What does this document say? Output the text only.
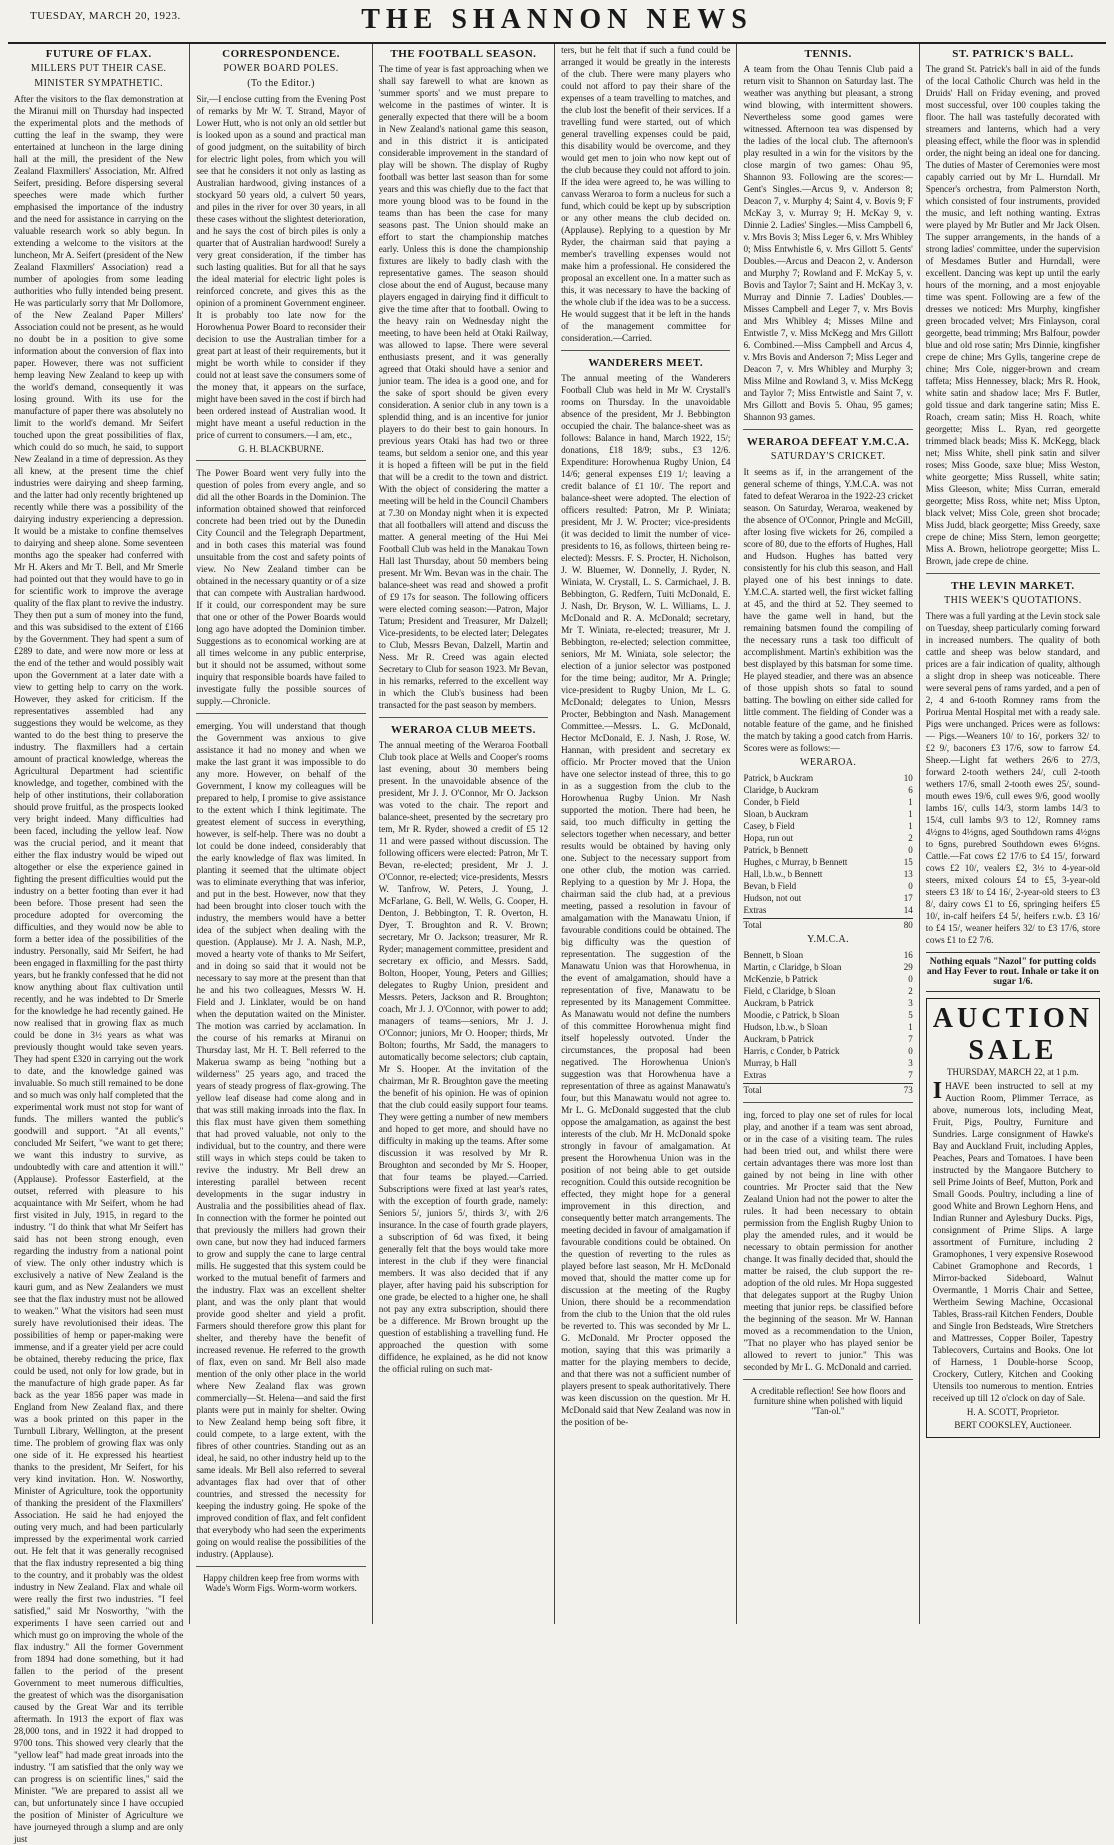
TUESDAY, MARCH 20, 1923.	THE SHANNON NEWS
FUTURE OF FLAX.
MILLERS PUT THEIR CASE.
MINISTER SYMPATHETIC.
After the visitors to the flax demonstration at the Miranui mill on Thursday had inspected the experimental plots and the methods of cutting the leaf in the swamp, they were entertained at luncheon in the large dining hall at the mill, the president of the New Zealand Flaxmillers' Association, Mr. Alfred Seifert, presiding. Before dispersing several speeches were made which further emphasised the importance of the industry and the need for assistance in carrying on the valuable research work so ably begun. In extending a welcome to the visitors at the luncheon, Mr A. Seifert (president of the New Zealand Flaxmillers' Association) read a number of apologies from some leading authorities who fully intended being present. He was particularly sorry that Mr Dollomore, of the New Zealand Paper Millers' Association could not be present, as he would no doubt be in a position to give some information about the conversion of flax into paper. However, there was not sufficient hemp leaving New Zealand to keep up with the world's demand, consequently it was losing ground. With its use for the manufacture of paper there was absolutely no limit to the world's demand. Mr Seifert touched upon the great possibilities of flax, which could do so much, he said, to support New Zealand in a time of depression. As they all knew, at the present time the chief industries were dairying and sheep farming, and the latter had only recently brightened up recently while there was a possibility of the dairying industry experiencing a depression. It would be a mistake to confine themselves to dairying and sheep alone. Some seventeen months ago the speaker had conferred with Mr H. Akers and Mr T. Bell, and Mr Smerle had pointed out that they would have to go in for scientific work to improve the average quality of the flax plant to revive the industry. They then put a sum of money into the fund, and this was subsidised to the extent of £166 by the Government. They had spent a sum of £289 to date, and were now more or less at the end of the tether and would possibly wait upon the Government at a later date with a view to getting help to carry on the work. However, they asked for criticism. If the representatives assembled had any suggestions they would be welcome, as they wanted to do the best thing to preserve the industry. The flaxmillers had a certain amount of practical knowledge, whereas the Agricultural Department had scientific knowledge, and together, combined with the help of other institutions, their collaboration should prove fruitful, as the prospects looked very bright indeed. Many difficulties had been faced, including the yellow leaf. Now was the crucial period, and it meant that either the flax industry would be wiped out altogether or else the experience gained in fighting the present difficulties would put the industry on a better footing than ever it had been before. Those present had seen the procedure adopted for overcoming the difficulties, and they would now be able to form a better idea of the possibilities of the industry. Personally, said Mr Seifert, he had been engaged in flaxmilling for the past thirty years, but he frankly confessed that he did not know anything about flax cultivation until recently, and he was indebted to Dr Smerle for the knowledge he had recently gained. He now realised that in growing flax as much could be done in 3½ years as what was previously thought would take seven years. They had spent £320 in carrying out the work to date, and the knowledge gained was invaluable. So much still remained to be done and so much was only half completed that the experimental work must not stop for want of funds. The millers wanted the public's goodwill and support. "At all events," concluded Mr Seifert, "we want to get there; we want this industry to survive, as undoubtedly with care and attention it will." (Applause). Professor Easterfield, at the outset, referred with pleasure to his acquaintance with Mr Seifert, whom he had first visited in July, 1915, in regard to the industry. "I do think that what Mr Seifert has said has not been strong enough, even regarding the industry from a national point of view. The only other industry which is exclusively a native of New Zealand is the kauri gum, and as New Zealanders we must see that the flax industry must not be allowed to weaken." What the visitors had seen must surely have revolutionised their ideas. The possibilities of hemp or paper-making were immense, and if a greater yield per acre could be obtained, thereby reducing the price, flax could be used, not only for low grade, but in the manufacture of high grade paper. As far back as the year 1856 paper was made in England from New Zealand flax, and there was a book printed on this paper in the Turnbull Library, Wellington, at the present time. The problem of growing flax was only one side of it. He expressed his heartiest thanks to the president, Mr Seifert, for his very kind invitation. Hon. W. Nosworthy, Minister of Agriculture, took the opportunity of thanking the president of the Flaxmillers' Association. He said he had enjoyed the outing very much, and had been particularly impressed by the experimental work carried out. He felt that it was generally recognised that the flax industry represented a big thing to the country, and it probably was the oldest industry in New Zealand. Flax and whale oil were really the first two industries. "I feel satisfied," said Mr Nosworthy, "with the experiments I have seen carried out and which must go on improving the whole of the flax industry." All the former Government from 1894 had done something, but it had fallen to the period of the present Government to meet numerous difficulties, the greatest of which was the disorganisation caused by the Great War and its terrible aftermath. In 1913 the export of flax was 28,000 tons, and in 1922 it had dropped to 9700 tons. This showed very clearly that the "yellow leaf" had made great inroads into the industry. "I am satisfied that the only way we can progress is on scientific lines," said the Minister. "We are prepared to assist all we can, but unfortunately since I have occupied the position of Minister of Agriculture we have journeyed through a slump and are only just
CORRESPONDENCE.
POWER BOARD POLES.
(To the Editor.)
Sir,—I enclose cutting from the Evening Post of remarks by Mr W. T. Strand, Mayor of Lower Hutt, who is not only an old settler but is looked upon as a sound and practical man of good judgment, on the suitability of birch for electric light poles, from which you will see that he considers it not only as lasting as Australian hardwood, giving instances of a stockyard 50 years old, a culvert 50 years, and piles in the river for over 30 years, in all these cases without the slightest deterioration, and he says the cost of birch piles is only a quarter that of Australian hardwood! Surely a very great consideration, if the timber has such lasting qualities. But for all that he says the ideal material for electric light poles is reinforced concrete, and gives this as the opinion of a prominent Government engineer. It is probably too late now for the Horowhenua Power Board to reconsider their decision to use the Australian timber for a great part at least of their requirements, but it might be worth while to consider if they could not at least save the consumers some of the money that, it appears on the surface, might have been saved in the cost if birch had been ordered instead of Australian wood. It might have meant a useful reduction in the price of current to consumers.—I am, etc.,
G. H. BLACKBURNE.
The Power Board went very fully into the question of poles from every angle, and so did all the other Boards in the Dominion. The information obtained showed that reinforced concrete had been tried out by the Dunedin City Council and the Telegraph Department, and in both cases this material was found unsuitable from the cost and safety points of view. No New Zealand timber can be obtained in the necessary quantity or of a size that can compete with Australian hardwood. If it could, our correspondent may be sure that one or other of the Power Boards would long ago have adopted the Dominion timber. Suggestions as to economical working are at all times welcome in any public enterprise, but it should not be assumed, without some inquiry that responsible boards have failed to investigate fully the possible sources of supply.—Chronicle.
emerging. You will understand that though the Government was anxious to give assistance it had no money and when we make the last grant it was impossible to do any more. However, on behalf of the Government, I know my colleagues will be prepared to help, I promise to give assistance to the extent which I think legitimate. The greatest element of success in everything, however, is self-help. There was no doubt a lot could be done indeed, considerably that the early knowledge of flax was limited. In planting it seemed that the ultimate object was to eliminate everything that was inferior, and put in the best. However, now that they had been brought into closer touch with the industry, the members would have a better idea of the subject when dealing with the question. (Applause). Mr J. A. Nash, M.P., moved a hearty vote of thanks to Mr Seifert, and in doing so said that it would not be necessary to say more at the present than that he and his two colleagues, Messrs W. H. Field and J. Linklater, would be on hand when the deputation waited on the Minister. The motion was carried by acclamation. In the course of his remarks at Miranui on Thursday last, Mr H. T. Bell referred to the Makerua swamp as being "nothing but a wilderness" 25 years ago, and traced the years of steady progress of flax-growing. The yellow leaf disease had come along and in that was still making inroads into the flax. In this flax must have given them something that had proved valuable, not only to the individual, but to the country, and there were still ways in which steps could be taken to revive the industry. Mr Bell drew an interesting parallel between recent developments in the sugar industry in Australia and the possibilities ahead of flax. In connection with the former he pointed out that previously the millers had grown their own cane, but now they had induced farmers to grow and supply the cane to large central mills. He suggested that this system could be worked to the mutual benefit of farmers and the industry. Flax was an excellent shelter plant, and was the only plant that would provide good shelter and yield a profit. Farmers should therefore grow this plant for shelter, and thereby have the benefit of increased revenue. He referred to the growth of flax, even on sand. Mr Bell also made mention of the only other place in the world where New Zealand flax was grown commercially—St. Helena—and said the first plants were put in mainly for shelter. Owing to New Zealand hemp being soft fibre, it could compete, to a large extent, with the fibres of other countries. Standing out as an ideal, he said, no other industry held up to the same ideals. Mr Bell also referred to several advantages flax had over that of other countries, and stressed the necessity for keeping the industry going. He spoke of the improved condition of flax, and felt confident that everybody who had seen the experiments going on would realise the possibilities of the industry. (Applause).
Happy children keep free from worms with Wade's Worm Figs. Worm-worm workers.
THE FOOTBALL SEASON.
The time of year is fast approaching when we shall say farewell to what are known as 'summer sports' and we must prepare to welcome in the pastimes of winter. It is generally expected that there will be a boom in New Zealand's national game this season, and in this district it is anticipated considerable improvement in the standard of play will be shown. The display of Rugby football was better last season than for some years and this was chiefly due to the fact that more young blood was to be found in the teams than has been the case for many seasons past. The Union should make an effort to start the championship matches early. Unless this is done the championship fixtures are likely to badly clash with the representative games. The season should close about the end of August, because many players engaged in dairying find it difficult to give the time after that to football. Owing to the heavy rain on Wednesday night the meeting, to have been held at Otaki Railway, was allowed to lapse. There were several enthusiasts present, and it was generally agreed that Otaki should have a senior and junior team. The idea is a good one, and for the sake of sport should be given every consideration. A senior club in any town is a splendid thing, and is an incentive for junior players to do their best to gain honours. In previous years Otaki has had two or three teams, but seldom a senior one, and this year it is hoped a fifteen will be put in the field that will be a credit to the town and district. With the object of considering the matter a meeting will be held in the Council Chambers at 7.30 on Monday night when it is expected that all footballers will attend and discuss the matter. A general meeting of the Hui Mei Football Club was held in the Manakau Town Hall last Thursday, about 50 members being present. Mr Wm. Bevan was in the chair. The balance-sheet was read and showed a profit of £9 17s for season. The following officers were elected coming season:—Patron, Major Tatum; President and Treasurer, Mr Dalzell; Vice-presidents, to be elected later; Delegates to Club, Messrs Bevan, Dalzell, Martin and Ness. Mr R. Creed was again elected Secretary to Club for season 1923. Mr Bevan, in his remarks, referred to the excellent way in which the Club's business had been transacted for the past season by members.
WERAROA CLUB MEETS.
The annual meeting of the Weraroa Football Club took place at Wells and Cooper's rooms last evening, about 30 members being present. In the unavoidable absence of the president, Mr J. J. O'Connor, Mr O. Jackson was voted to the chair. The report and balance-sheet, presented by the secretary pro tem, Mr R. Ryder, showed a credit of £5 12 11 and were passed without discussion. The following officers were elected: Patron, Mr T. Bevan, re-elected; president, Mr J. J. O'Connor, re-elected; vice-presidents, Messrs W. Tanfrow, W. Peters, J. Young, J. McFarlane, G. Bell, W. Wells, G. Cooper, H. Denton, J. Bebbington, T. R. Overton, H. Dyer, T. Broughton and R. V. Brown; secretary, Mr O. Jackson; treasurer, Mr R. Ryder; management committee, president and secretary ex officio, and Messrs. Sadd, Bolton, Hooper, Young, Peters and Gillies; delegates to Rugby Union, president and Messrs. Peters, Jackson and R. Broughton; coach, Mr J. J. O'Connor, with power to add; managers of teams—seniors, Mr J. J. O'Connor; juniors, Mr O. Hooper; thirds, Mr Bolton; fourths, Mr Sadd, the managers to automatically become selectors; club captain, Mr S. Hooper. At the invitation of the chairman, Mr R. Broughton gave the meeting the benefit of his opinion. He was of opinion that the club could easily support four teams. They were getting a number of new members and hoped to get more, and should have no difficulty in making up the teams. After some discussion it was resolved by Mr R. Broughton and seconded by Mr S. Hooper, that four teams be played.—Carried. Subscriptions were fixed at last year's rates, with the exception of fourth grade, namely: Seniors 5/, juniors 5/, thirds 3/, with 2/6 insurance. In the case of fourth grade players, a subscription of 6d was fixed, it being generally felt that the boys would take more interest in the club if they were financial members. It was also decided that if any player, after having paid his subscription for one grade, be elected to a higher one, he shall not pay any extra subscription, should there be a difference. Mr Brown brought up the question of establishing a travelling fund. He approached the question with some diffidence, he explained, as he did not know the official ruling on such mat-
ters, but he felt that if such a fund could be arranged it would be greatly in the interests of the club. There were many players who could not afford to pay their share of the expenses of a team travelling to matches, and the club lost the benefit of their services. If a travelling fund were started, out of which general travelling expenses could be paid, this disability would be overcome, and they would get men to join who now kept out of the club because they could not afford to join. If the idea were agreed to, he was willing to canvass Weraroa to form a nucleus for such a fund, which could be kept up by subscription or any other means the club decided on. (Applause). Replying to a question by Mr Ryder, the chairman said that paying a member's travelling expenses would not make him a professional. He considered the proposal an excellent one. In a matter such as this, it was necessary to have the backing of the whole club if the idea was to be a success. He would suggest that it be left in the hands of the management committee for consideration.—Carried.
WANDERERS MEET.
The annual meeting of the Wanderers Football Club was held in Mr W. Crystall's rooms on Thursday. In the unavoidable absence of the president, Mr J. Bebbington occupied the chair. The balance-sheet was as follows: Balance in hand, March 1922, 15/; donations, £18 18/9; subs., £3 12/6. Expenditure: Horowhenua Rugby Union, £4 14/6; general expenses £19 1/; leaving a credit balance of £1 10/. The report and balance-sheet were adopted. The election of officers resulted: Patron, Mr P. Winiata; president, Mr J. W. Procter; vice-presidents (it was decided to limit the number of vice-presidents to 16, as follows, thirteen being re-elected): Messrs. F. S. Procter, H. Nicholson, J. W. Bluemer, W. Donnelly, J. Ryder, N. Winiata, W. Crystall, L. S. Carmichael, J. B. Bebbington, G. Redfern, Tuiti McDonald, E. J. Nash, Dr. Bryson, W. L. Williams, L. J. McDonald and R. A. McDonald; secretary, Mr T. Winiata, re-elected; treasurer, Mr J. Bebbington, re-elected; selection committee, seniors, Mr M. Winiata, sole selector; the election of a junior selector was postponed for the time being; auditor, Mr A. Pringle; vice-president to Rugby Union, Mr L. G. McDonald; delegates to Union, Messrs Procter, Bebbington and Nash. Management Committee.—Messrs. L. G. McDonald, Hector McDonald, E. J. Nash, J. Rose, W. Hannan, with president and secretary ex officio. Mr Procter moved that the Union have one selector instead of three, this to go in as a suggestion from the club to the Horowhenua Rugby Union. Mr Nash supported the motion. There had been, he said, too much difficulty in getting the selectors together when necessary, and better results would be obtained by having only one. Subject to the necessary support from one other club, the motion was carried. Replying to a question by Mr J. Hopa, the chairman said the club had, at a previous meeting, passed a resolution in favour of amalgamation with the Manawatu Union, if favourable conditions could be obtained. The big difficulty was the question of representation. The suggestion of the Manawatu Union was that Horowhenua, in the event of amalgamation, should have a representation of five, Manawatu to be represented by its Management Committee. As Manawatu would not define the numbers of this committee Horowhenua might find itself hopelessly outvoted. Under the circumstances, the proposal had been negatived. The Horowhenua Union's suggestion was that Horowhenua have a representation of three as against Manawatu's four, but this Manawatu would not agree to. Mr L. G. McDonald suggested that the club oppose the amalgamation, as against the best interests of the club. Mr H. McDonald spoke strongly in favour of amalgamation. At present the Horowhenua Union was in the position of not being able to get outside recognition. Could this outside recognition be effected, they might hope for a general improvement in this direction, and consequently better match arrangements. The meeting decided in favour of amalgamation if favourable conditions could be obtained. On the question of reverting to the rules as played before last season, Mr H. McDonald moved that, should the matter come up for discussion at the meeting of the Rugby Union, there should be a recommendation from the club to the Union that the old rules be reverted to. This was seconded by Mr L. G. McDonald. Mr Procter opposed the motion, saying that this was primarily a matter for the playing members to decide, and that there was not a sufficient number of players present to speak authoritatively. There was keen discussion on the question. Mr H. McDonald said that New Zealand was now in the position of be-
TENNIS.
A team from the Ohau Tennis Club paid a return visit to Shannon on Saturday last. The weather was anything but pleasant, a strong wind blowing, with intermittent showers. Nevertheless some good games were witnessed. Afternoon tea was dispensed by the ladies of the local club. The afternoon's play resulted in a win for the visitors by the close margin of two games: Ohau 95, Shannon 93. Following are the scores:— Gent's Singles.—Arcus 9, v. Anderson 8; Deacon 7, v. Murphy 4; Saint 4, v. Bovis 9; F McKay 3, v. Murray 9; H. McKay 9, v. Dinnie 2. Ladies' Singles.—Miss Campbell 6, v. Mrs Bovis 3; Miss Leger 6, v. Mrs Whibley 0; Miss Entwhistle 6, v. Mrs Gillott 5. Gents' Doubles.—Arcus and Deacon 2, v. Anderson and Murphy 7; Rowland and F. McKay 5, v. Bovis and Taylor 7; Saint and H. McKay 3, v. Murray and Dinnie 7. Ladies' Doubles.—Misses Campbell and Leger 7, v. Mrs Bovis and Mrs Whibley 4; Misses Milne and Entwistle 7, v. Miss McKegg and Mrs Gillott 6. Combined.—Miss Campbell and Arcus 4, v. Mrs Bovis and Anderson 7; Miss Leger and Deacon 7, v. Mrs Whibley and Murphy 3; Miss Milne and Rowland 3, v. Miss McKegg and Taylor 7; Miss Entwistle and Saint 7, v. Mrs Gillott and Bovis 5. Ohau, 95 games; Shannon 93 games.
WERAROA DEFEAT Y.M.C.A.
SATURDAY'S CRICKET.
It seems as if, in the arrangement of the general scheme of things, Y.M.C.A. was not fated to defeat Weraroa in the 1922-23 cricket season. On Saturday, Weraroa, weakened by the absence of O'Connor, Pringle and McGill, after losing five wickets for 26, compiled a score of 80, due to the efforts of Hughes, Hall and Hudson. Hughes has batted very consistently for his club this season, and Hall played one of his best innings to date. Y.M.C.A. started well, the first wicket falling at 45, and the third at 52. They seemed to have the game well in hand, but the remaining batsmen found the compiling of the necessary runs a task too difficult of accomplishment. Martin's exhibition was the best displayed by this batsman for some time. He played steadier, and there was an absence of those uppish shots so fatal to sound batting. The bowling on either side called for little comment. The fielding of Conder was a notable feature of the game, and he finished the match by taking a good catch from Harris. Scores were as follows:—
WERAROA.
Patrick, b Auckram	10
Claridge, b Auckram	6
Conder, b Field	1
Sloan, b Auckram	1
Casey, b Field	1
Hopa, run out	2
Patrick, b Bennett	0
Hughes, c Murray, b Bennett	15
Hall, l.b.w., b Bennett	13
Bevan, b Field	0
Hudson, not out	17
Extras	14
Total	80
Y.M.C.A.
Bennett, b Sloan	16
Martin, c Claridge, b Sloan	29
McKenzie, b Patrick	0
Field, c Claridge, b Sloan	2
Auckram, b Patrick	3
Moodie, c Patrick, b Sloan	5
Hudson, l.b.w., b Sloan	1
Auckram, b Patrick	7
Harris, c Conder, b Patrick	0
Murray, b Hall	3
Extras	7
Total	73
ing, forced to play one set of rules for local play, and another if a team was sent abroad, or in the case of a visiting team. The rules had been tried out, and whilst there were certain advantages there was more lost than gained by not being in line with other countries. Mr Procter said that the New Zealand Union had not the power to alter the rules. It had been necessary to obtain permission from the English Rugby Union to play the amended rules, and it would be necessary to obtain permission for another change. It was finally decided that, should the matter be raised, the club support the re-adoption of the old rules. Mr Hopa suggested that delegates support at the Rugby Union meeting that junior reps. be classified before the beginning of the season. Mr W. Hannan moved as a recommendation to the Union, "That no player who has played senior be allowed to revert to junior." This was seconded by Mr L. G. McDonald and carried.
A creditable reflection! See how floors and furniture shine when polished with liquid "Tan-ol."
ST. PATRICK'S BALL.
The grand St. Patrick's ball in aid of the funds of the local Catholic Church was held in the Druids' Hall on Friday evening, and proved most successful, over 100 couples taking the floor. The hall was tastefully decorated with streamers and lanterns, which had a very pleasing effect, while the floor was in splendid order, the night being an ideal one for dancing. The duties of Master of Ceremonies were most capably carried out by Mr L. Hurndall. Mr Spencer's orchestra, from Palmerston North, which consisted of four instruments, provided the music, and left nothing wanting. Extras were played by Mr Butler and Mr Jack Olsen. The supper arrangements, in the hands of a strong ladies' committee, under the supervision of Mesdames Butler and Hurndall, were excellent. Dancing was kept up until the early hours of the morning, and a most enjoyable time was spent. Following are a few of the dresses we noticed: Mrs Murphy, kingfisher green brocaded velvet; Mrs Finlayson, coral georgette, bead trimming; Mrs Balfour, powder blue and old rose satin; Mrs Dinnie, kingfisher crepe de chine; Mrs Gylls, tangerine crepe de chine; Mrs Cole, nigger-brown and cream taffeta; Miss Hennessey, black; Mrs R. Hook, white satin and shadow lace; Mrs F. Butler, gold tissue and dark tangerine satin; Miss E. Roach, cream satin; Miss H. Roach, white georgette; Miss L. Ryan, red georgette trimmed black beads; Miss K. McKegg, black net; Miss White, shell pink satin and silver roses; Miss Goode, saxe blue; Miss Weston, white georgette; Miss Russell, white satin; Miss Gleeson, white; Miss Curran, emerald georgette; Miss Ross, white net; Miss Upton, black velvet; Miss Cole, green shot brocade; Miss Judd, black georgette; Miss Greedy, saxe crepe de chine; Miss Stern, lemon georgette; Miss A. Brown, heliotrope georgette; Miss L. Brown, jade crepe de chine.
THE LEVIN MARKET.
THIS WEEK'S QUOTATIONS.
There was a full yarding at the Levin stock sale on Tuesday, sheep particularly coming forward in increased numbers. The quality of both cattle and sheep was below standard, and prices are a fair indication of quality, although a slight drop in sheep was noticeable. There were several pens of rams yarded, and a pen of 2, 4 and 6-tooth Romney rams from the Porirua Mental Hospital met with a ready sale. Pigs were unchanged. Prices were as follows:— Pigs.—Weaners 10/ to 16/, porkers 32/ to £2 9/, baconers £3 17/6, sow to farrow £4. Sheep.—Light fat wethers 26/6 to 27/3, forward 2-tooth wethers 24/, cull 2-tooth wethers 17/6, small 2-tooth ewes 25/, sound-mouth ewes 19/6, cull ewes 9/6, good woolly lambs 16/, culls 14/3, storm lambs 14/3 to 15/4, cull lambs 9/3 to 12/, Romney rams 4½gns to 4½gns, aged Southdown rams 4½gns to 6gns, purebred Southdown ewes 6½gns. Cattle.—Fat cows £2 17/6 to £4 15/, forward cows £2 10/, vealers £2, 3½ to 4-year-old steers, mixed colours £4 to £5, 3-year-old steers £3 18/ to £4 16/, 2-year-old steers to £3 8/, dairy cows £1 to £6, springing heifers £5 10/, in-calf heifers £4 5/, heifers r.w.b. £3 16/ to £4 15/, weaner heifers 32/ to £3 17/6, store cows £1 to £2 7/6.
Nothing equals "Nazol" for putting colds and Hay Fever to rout. Inhale or take it on sugar 1/6.
AUCTION SALE
THURSDAY, MARCH 22, at 1 p.m.
IHAVE been instructed to sell at my Auction Room, Plimmer Terrace, as above, numerous lots, including Meat, Fruit, Pigs, Poultry, Furniture and Sundries. Large consignment of Hawke's Bay and Auckland Fruit, including Apples, Peaches, Pears and Tomatoes. I have been instructed by the Mangaore Butchery to sell Prime Joints of Beef, Mutton, Pork and Small Goods. Poultry, including a line of good White and Brown Leghorn Hens, and Indian Runner and Aylesbury Ducks. Pigs, consignment of Prime Slips. A large assortment of Furniture, including 2 Gramophones, 1 very expensive Rosewood Cabinet Gramophone and Records, 1 Mirror-backed Sideboard, Walnut Overmantle, 1 Morris Chair and Settee, Wertheim Sewing Machine, Occasional Tables, Brass-rail Kitchen Fenders, Double and Single Iron Bedsteads, Wire Stretchers and Mattresses, Copper Boiler, Tapestry Tablecovers, Curtains and Books. One lot of Harness, 1 Double-horse Scoop, Crockery, Cutlery, Kitchen and Cooking Utensils too numerous to mention. Entries received up till 12 o'clock on day of Sale.
H. A. SCOTT, Proprietor.
BERT COOKSLEY, Auctioneer.
